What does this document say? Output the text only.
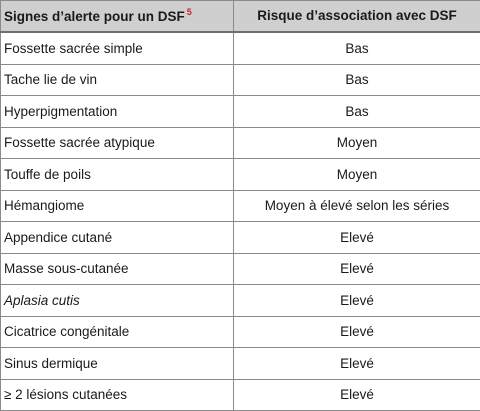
Signes d’alerte pour un DSF $^5$	Risque d’association avec DSF
Fossette sacrée simple	Bas
Tache lie de vin	Bas
Hyperpigmentation	Bas
Fossette sacrée atypique	Moyen
Touffe de poils	Moyen
Hémangiome	Moyen à élevé selon les séries
Appendice cutané	Elevé
Masse sous-cutanée	Elevé
Aplasia cutis	Elevé
Cicatrice congénitale	Elevé
Sinus dermique	Elevé
≥ 2 lésions cutanées	Elevé
